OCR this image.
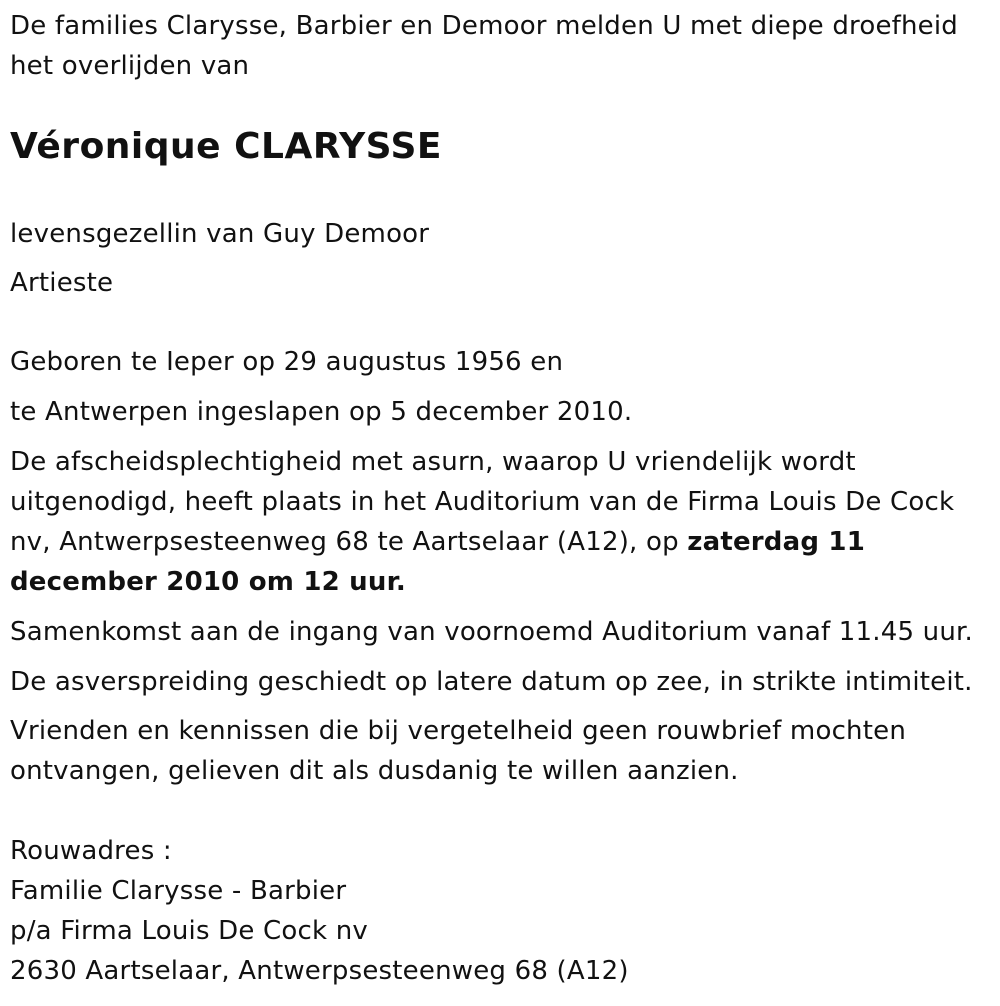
De families Clarysse, Barbier en Demoor melden U met diepe droefheid

het overlijden van

Véronique CLARYSSE

levensgezellin van Guy Demoor

Artieste

Geboren te Ieper op 29 augustus 1956 en

te Antwerpen ingeslapen op 5 december 2010.

De afscheidsplechtigheid met asurn, waarop U vriendelijk wordt uitgenodigd, heeft plaats in het Auditorium van de Firma Louis De Cock nv, Antwerpsesteenweg 68 te Aartselaar (A12), op zaterdag 11 december 2010 om 12 uur.

Samenkomst aan de ingang van voornoemd Auditorium vanaf 11.45 uur.

De asverspreiding geschiedt op latere datum op zee, in strikte intimiteit.

Vrienden en kennissen die bij vergetelheid geen rouwbrief mochten ontvangen, gelieven dit als dusdanig te willen aanzien.

Rouwadres :

Familie Clarysse - Barbier

p/a Firma Louis De Cock nv

2630 Aartselaar, Antwerpsesteenweg 68 (A12)
